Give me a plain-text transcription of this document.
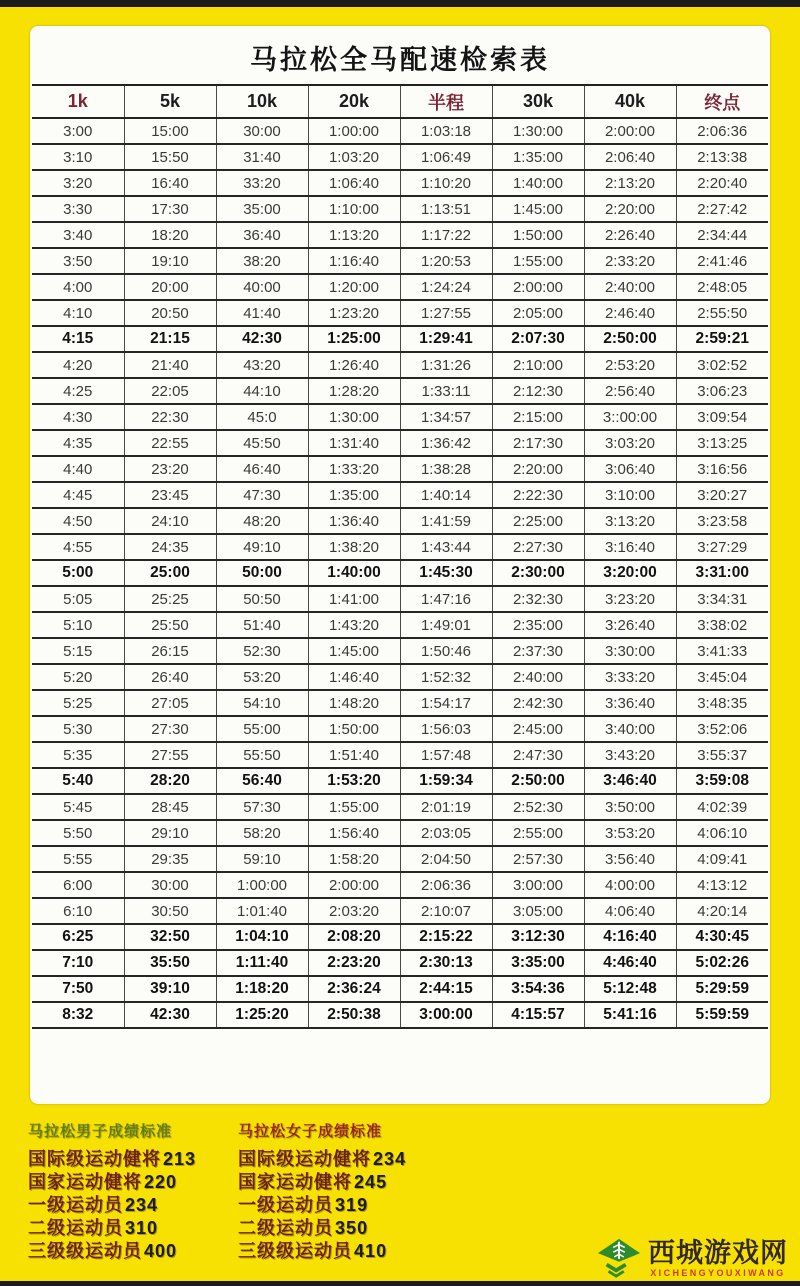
马拉松全马配速检索表
1k	5k	10k	20k	半程	30k	40k	终点
3:00	15:00	30:00	1:00:00	1:03:18	1:30:00	2:00:00	2:06:36
3:10	15:50	31:40	1:03:20	1:06:49	1:35:00	2:06:40	2:13:38
3:20	16:40	33:20	1:06:40	1:10:20	1:40:00	2:13:20	2:20:40
3:30	17:30	35:00	1:10:00	1:13:51	1:45:00	2:20:00	2:27:42
3:40	18:20	36:40	1:13:20	1:17:22	1:50:00	2:26:40	2:34:44
3:50	19:10	38:20	1:16:40	1:20:53	1:55:00	2:33:20	2:41:46
4:00	20:00	40:00	1:20:00	1:24:24	2:00:00	2:40:00	2:48:05
4:10	20:50	41:40	1:23:20	1:27:55	2:05:00	2:46:40	2:55:50
4:15	21:15	42:30	1:25:00	1:29:41	2:07:30	2:50:00	2:59:21
4:20	21:40	43:20	1:26:40	1:31:26	2:10:00	2:53:20	3:02:52
4:25	22:05	44:10	1:28:20	1:33:11	2:12:30	2:56:40	3:06:23
4:30	22:30	45:0	1:30:00	1:34:57	2:15:00	3::00:00	3:09:54
4:35	22:55	45:50	1:31:40	1:36:42	2:17:30	3:03:20	3:13:25
4:40	23:20	46:40	1:33:20	1:38:28	2:20:00	3:06:40	3:16:56
4:45	23:45	47:30	1:35:00	1:40:14	2:22:30	3:10:00	3:20:27
4:50	24:10	48:20	1:36:40	1:41:59	2:25:00	3:13:20	3:23:58
4:55	24:35	49:10	1:38:20	1:43:44	2:27:30	3:16:40	3:27:29
5:00	25:00	50:00	1:40:00	1:45:30	2:30:00	3:20:00	3:31:00
5:05	25:25	50:50	1:41:00	1:47:16	2:32:30	3:23:20	3:34:31
5:10	25:50	51:40	1:43:20	1:49:01	2:35:00	3:26:40	3:38:02
5:15	26:15	52:30	1:45:00	1:50:46	2:37:30	3:30:00	3:41:33
5:20	26:40	53:20	1:46:40	1:52:32	2:40:00	3:33:20	3:45:04
5:25	27:05	54:10	1:48:20	1:54:17	2:42:30	3:36:40	3:48:35
5:30	27:30	55:00	1:50:00	1:56:03	2:45:00	3:40:00	3:52:06
5:35	27:55	55:50	1:51:40	1:57:48	2:47:30	3:43:20	3:55:37
5:40	28:20	56:40	1:53:20	1:59:34	2:50:00	3:46:40	3:59:08
5:45	28:45	57:30	1:55:00	2:01:19	2:52:30	3:50:00	4:02:39
5:50	29:10	58:20	1:56:40	2:03:05	2:55:00	3:53:20	4:06:10
5:55	29:35	59:10	1:58:20	2:04:50	2:57:30	3:56:40	4:09:41
6:00	30:00	1:00:00	2:00:00	2:06:36	3:00:00	4:00:00	4:13:12
6:10	30:50	1:01:40	2:03:20	2:10:07	3:05:00	4:06:40	4:20:14
6:25	32:50	1:04:10	2:08:20	2:15:22	3:12:30	4:16:40	4:30:45
7:10	35:50	1:11:40	2:23:20	2:30:13	3:35:00	4:46:40	5:02:26
7:50	39:10	1:18:20	2:36:24	2:44:15	3:54:36	5:12:48	5:29:59
8:32	42:30	1:25:20	2:50:38	3:00:00	4:15:57	5:41:16	5:59:59
马拉松男子成绩标准
国际级运动健将 213
国家运动健将 220
一级运动员 234
二级运动员 310
三级级运动员 400
马拉松女子成绩标准
国际级运动健将 234
国家运动健将 245
一级运动员 319
二级运动员 350
三级级运动员 410	西城游戏网
XICHENGYOUXIWANG
